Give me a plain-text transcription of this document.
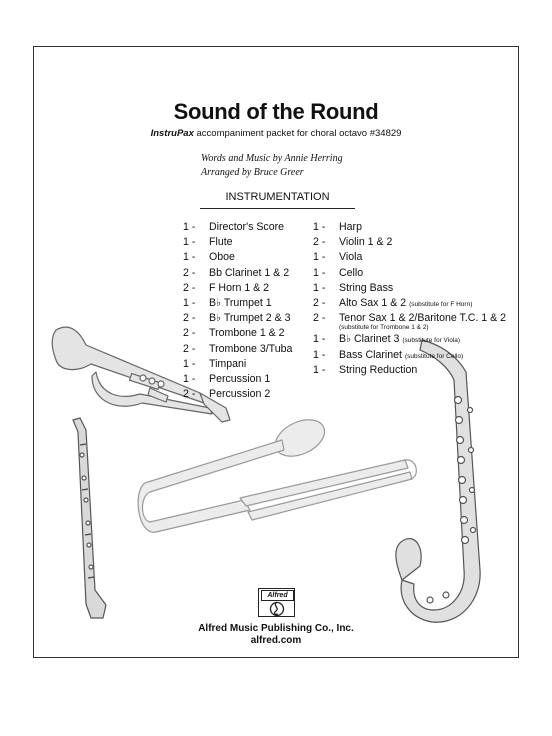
Sound of the Round
InstruPax accompaniment packet for choral octavo #34829
Words and Music by Annie Herring
Arranged by Bruce Greer
INSTRUMENTATION
1 -	Director's Score
1 -	Flute
1 -	Oboe
2 -	Bb Clarinet 1 & 2
2 -	F Horn 1 & 2
1 -	B♭ Trumpet 1
2 -	B♭ Trumpet 2 & 3
2 -	Trombone 1 & 2
2 -	Trombone 3/Tuba
1 -	Timpani
1 -	Percussion 1
2 -	Percussion 2
1 -	Harp
2 -	Violin 1 & 2
1 -	Viola
1 -	Cello
1 -	String Bass
2 -	Alto Sax 1 & 2 (substitute for F Horn)
2 -	Tenor Sax 1 & 2/Baritone T.C. 1 & 2
(substitute for Trombone 1 & 2)
1 -	B♭ Clarinet 3 (substitute for Viola)
1 -	Bass Clarinet (substitute for Cello)
1 -	String Reduction
Alfred
Alfred Music Publishing Co., Inc.
alfred.com
